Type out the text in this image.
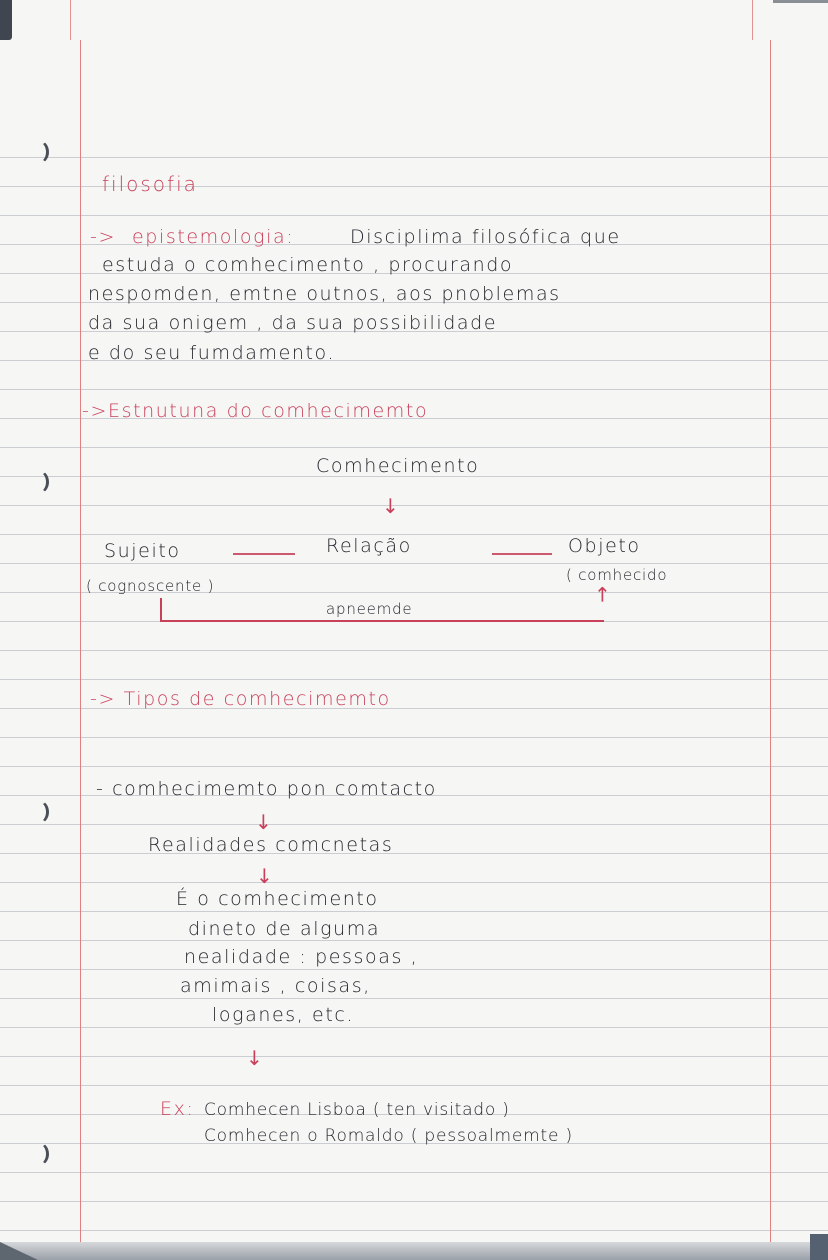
filosofia
-> epistemologia:	Disciplima filosófica que
estuda o comhecimento , procurando
nespomden, emtne outnos, aos pnoblemas
da sua onigem , da sua possibilidade
e do seu fumdamento.
->Estnutuna do comhecimemto
Comhecimento
↓
Sujeito	Relação	Objeto
( cognoscente )
( comhecido
↓
apneemde
-> Tipos de comhecimemto
- comhecimemto pon comtacto
↓
Realidades comcnetas
↓
É o comhecimento
dineto de alguma
nealidade : pessoas ,
amimais , coisas,
loganes, etc.
↓
Ex: Comhecen Lisboa ( ten visitado )
Comhecen o Romaldo ( pessoalmemte )
